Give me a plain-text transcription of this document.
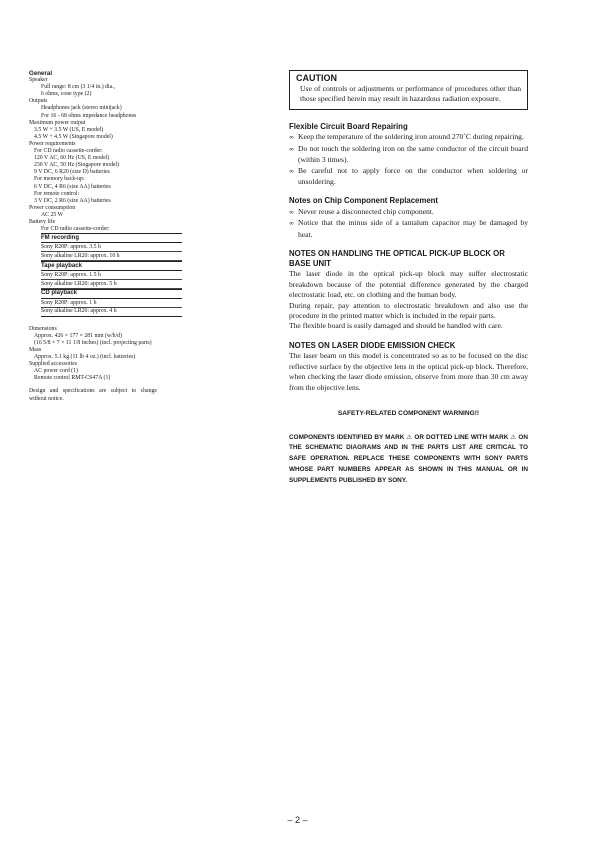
General

Speaker

Full range: 8 cm (3 1/4 in.) dia.,

6 ohms, cone type (2)

Outputs

Headphones jack (stereo minijack)

For 16 - 68 ohms impedance headphones

Maximum power output

3.5 W + 3.5 W (US, E model)

4.5 W + 4.5 W (Singapore model)

Power requirements

For CD radio cassette-corder:

120 V AC, 60 Hz (US, E model)

230 V AC, 50 Hz (Singapore model)

9 V DC, 6 R20 (size D) batteries

For memory back-up:

6 V DC, 4 R6 (size AA) batteries

For remote control:

3 V DC, 2 R6 (size AA) batteries

Power consumption

AC 25 W

Battery life

For CD radio cassette-corder:

FM recording
Sony R20P: approx. 3.5 h
Sony alkaline LR20: approx. 10 h
Tape playback
Sony R20P: approx. 1.5 h
Sony alkaline LR20: approx. 5 h
CD playback
Sony R20P: approx. 1 h
Sony alkaline LR20: approx. 4 h

Dimensions

Approx. 426 × 177 × 281 mm (w/h/d)

(16 5/8 × 7 × 11 1/8 inches) (incl. projecting parts)

Mass

Approx. 5.1 kg (11 lb 4 oz.) (incl. batteries)

Supplied accessories

AC power cord (1)

Remote control RMT-CS47A (1)

Design and specifications are subject to change without notice.

CAUTION

Use of controls or adjustments or performance of procedures other than those specified herein may result in hazardous radiation exposure.

Flexible Circuit Board Repairing

∞ Keep the temperature of the soldering iron around 270˚C during repairing.

∞ Do not touch the soldering iron on the same conductor of the circuit board (within 3 times).

∞ Be careful not to apply force on the conductor when soldering or unsoldering.

Notes on Chip Component Replacement

∞ Never reuse a disconnected chip component.

∞ Notice that the minus side of a tantalum capacitor may be damaged by heat.

NOTES ON HANDLING THE OPTICAL PICK-UP BLOCK OR BASE UNIT

The laser diode in the optical pick-up block may suffer electrostatic breakdown because of the potential difference generated by the charged electrostatic load, etc. on clothing and the human body.

During repair, pay attention to electrostatic breakdown and also use the procedure in the printed matter which is included in the repair parts.

The flexible board is easily damaged and should be handled with care.

NOTES ON LASER DIODE EMISSION CHECK

The laser beam on this model is concentrated so as to be focused on the disc reflective surface by the objective lens in the optical pick-up block. Therefore, when checking the laser diode emission, observe from more than 30 cm away from the objective lens.

SAFETY-RELATED COMPONENT WARNING!!

COMPONENTS IDENTIFIED BY MARK ⚠ OR DOTTED LINE WITH MARK ⚠ ON THE SCHEMATIC DIAGRAMS AND IN THE PARTS LIST ARE CRITICAL TO SAFE OPERATION. REPLACE THESE COMPONENTS WITH SONY PARTS WHOSE PART NUMBERS APPEAR AS SHOWN IN THIS MANUAL OR IN SUPPLEMENTS PUBLISHED BY SONY.

– 2 –
